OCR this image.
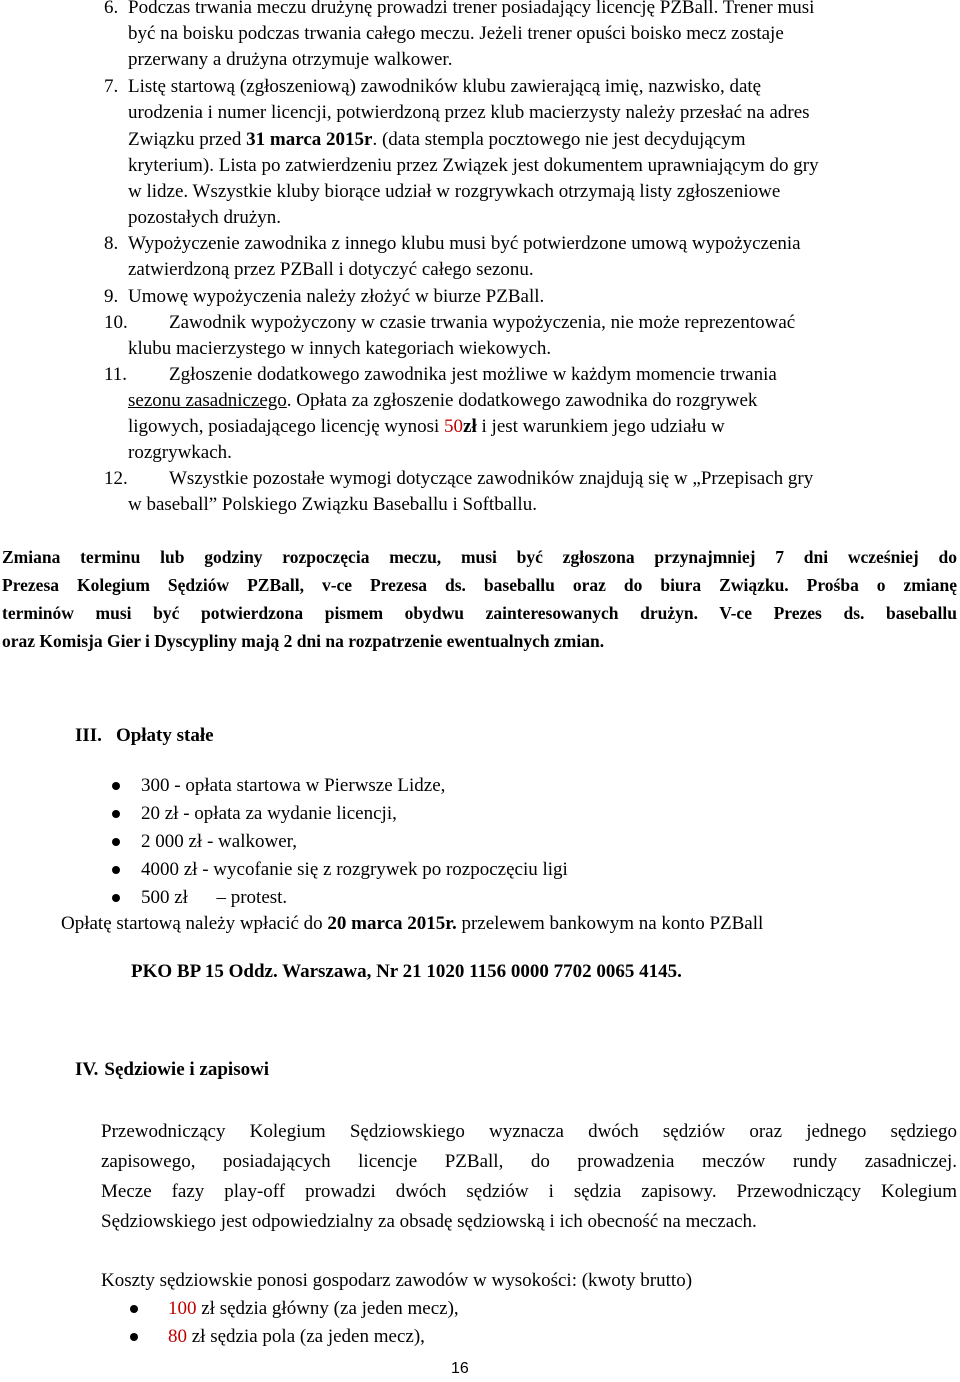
6. Podczas trwania meczu drużynę prowadzi trener posiadający licencję PZBall. Trener musi
być na boisku podczas trwania całego meczu. Jeżeli trener opuści boisko mecz zostaje
przerwany a drużyna otrzymuje walkower.
7. Listę startową (zgłoszeniową) zawodników klubu zawierającą imię, nazwisko, datę
urodzenia i numer licencji, potwierdzoną przez klub macierzysty należy przesłać na adres
Związku przed 31 marca 2015r. (data stempla pocztowego nie jest decydującym
kryterium). Lista po zatwierdzeniu przez Związek jest dokumentem uprawniającym do gry
w lidze. Wszystkie kluby biorące udział w rozgrywkach otrzymają listy zgłoszeniowe
pozostałych drużyn.
8. Wypożyczenie zawodnika z innego klubu musi być potwierdzone umową wypożyczenia
zatwierdzoną przez PZBall i dotyczyć całego sezonu.
9. Umowę wypożyczenia należy złożyć w biurze PZBall.
10. Zawodnik wypożyczony w czasie trwania wypożyczenia, nie może reprezentować
klubu macierzystego w innych kategoriach wiekowych.
11. Zgłoszenie dodatkowego zawodnika jest możliwe w każdym momencie trwania
sezonu zasadniczego. Opłata za zgłoszenie dodatkowego zawodnika do rozgrywek
ligowych, posiadającego licencję wynosi 50zł i jest warunkiem jego udziału w
rozgrywkach.
12. Wszystkie pozostałe wymogi dotyczące zawodników znajdują się w „Przepisach gry
w baseball” Polskiego Związku Baseballu i Softballu.
Zmiana terminu lub godziny rozpoczęcia meczu, musi być zgłoszona przynajmniej 7 dni wcześniej do
Prezesa Kolegium Sędziów PZBall, v-ce Prezesa ds. baseballu oraz do biura Związku. Prośba o zmianę
terminów musi być potwierdzona pismem obydwu zainteresowanych drużyn. V-ce Prezes ds. baseballu
oraz Komisja Gier i Dyscypliny mają 2 dni na rozpatrzenie ewentualnych zmian.
III. Opłaty stałe
300 - opłata startowa w Pierwsze Lidze,
20 zł - opłata za wydanie licencji,
2 000 zł - walkower,
4000 zł - wycofanie się z rozgrywek po rozpoczęciu ligi
500 zł      – protest.
Opłatę startową należy wpłacić do 20 marca 2015r. przelewem bankowym na konto PZBall
PKO BP 15 Oddz. Warszawa, Nr 21 1020 1156 0000 7702 0065 4145.
IV. Sędziowie i zapisowi
Przewodniczący Kolegium Sędziowskiego wyznacza dwóch sędziów oraz jednego sędziego
zapisowego, posiadających licencje PZBall, do prowadzenia meczów rundy zasadniczej.
Mecze fazy play-off prowadzi dwóch sędziów i sędzia zapisowy. Przewodniczący Kolegium
Sędziowskiego jest odpowiedzialny za obsadę sędziowską i ich obecność na meczach.
Koszty sędziowskie ponosi gospodarz zawodów w wysokości: (kwoty brutto)
100 zł sędzia główny (za jeden mecz),
80 zł sędzia pola (za jeden mecz),
16
